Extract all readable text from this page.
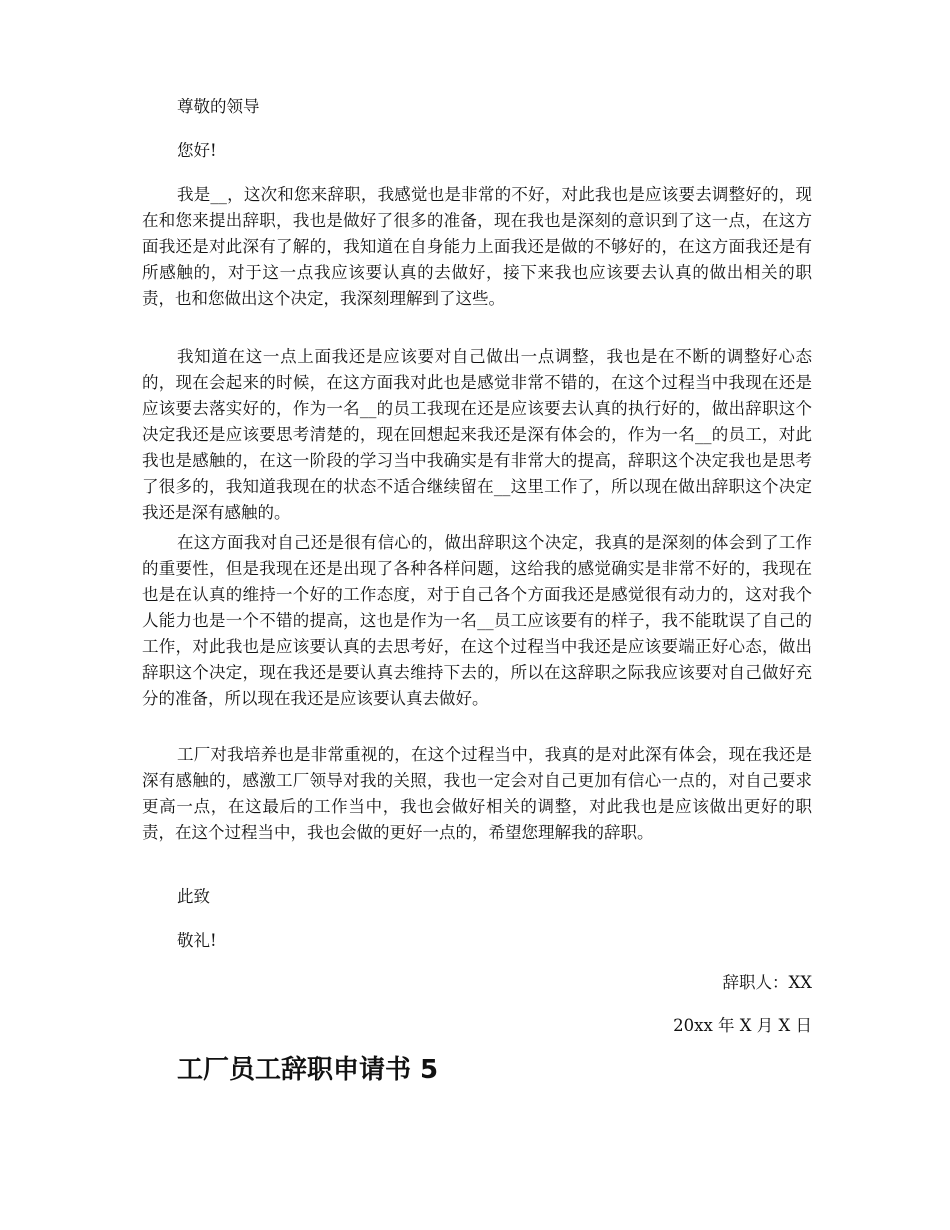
尊敬的领导

您好!

我是__，这次和您来辞职，我感觉也是非常的不好，对此我也是应该要去调整好的，现在和您来提出辞职，我也是做好了很多的准备，现在我也是深刻的意识到了这一点，在这方面我还是对此深有了解的，我知道在自身能力上面我还是做的不够好的，在这方面我还是有所感触的，对于这一点我应该要认真的去做好，接下来我也应该要去认真的做出相关的职责，也和您做出这个决定，我深刻理解到了这些。

我知道在这一点上面我还是应该要对自己做出一点调整，我也是在不断的调整好心态的，现在会起来的时候，在这方面我对此也是感觉非常不错的，在这个过程当中我现在还是应该要去落实好的，作为一名__的员工我现在还是应该要去认真的执行好的，做出辞职这个决定我还是应该要思考清楚的，现在回想起来我还是深有体会的，作为一名__的员工，对此我也是感触的，在这一阶段的学习当中我确实是有非常大的提高，辞职这个决定我也是思考了很多的，我知道我现在的状态不适合继续留在__这里工作了，所以现在做出辞职这个决定我还是深有感触的。

在这方面我对自己还是很有信心的，做出辞职这个决定，我真的是深刻的体会到了工作的重要性，但是我现在还是出现了各种各样问题，这给我的感觉确实是非常不好的，我现在也是在认真的维持一个好的工作态度，对于自己各个方面我还是感觉很有动力的，这对我个人能力也是一个不错的提高，这也是作为一名__员工应该要有的样子，我不能耽误了自己的工作，对此我也是应该要认真的去思考好，在这个过程当中我还是应该要端正好心态，做出辞职这个决定，现在我还是要认真去维持下去的，所以在这辞职之际我应该要对自己做好充分的准备，所以现在我还是应该要认真去做好。

工厂对我培养也是非常重视的，在这个过程当中，我真的是对此深有体会，现在我还是深有感触的，感激工厂领导对我的关照，我也一定会对自己更加有信心一点的，对自己要求更高一点，在这最后的工作当中，我也会做好相关的调整，对此我也是应该做出更好的职责，在这个过程当中，我也会做的更好一点的，希望您理解我的辞职。

此致

敬礼!

辞职人：XX

20xx 年 X 月 X 日

工厂员工辞职申请书 5
